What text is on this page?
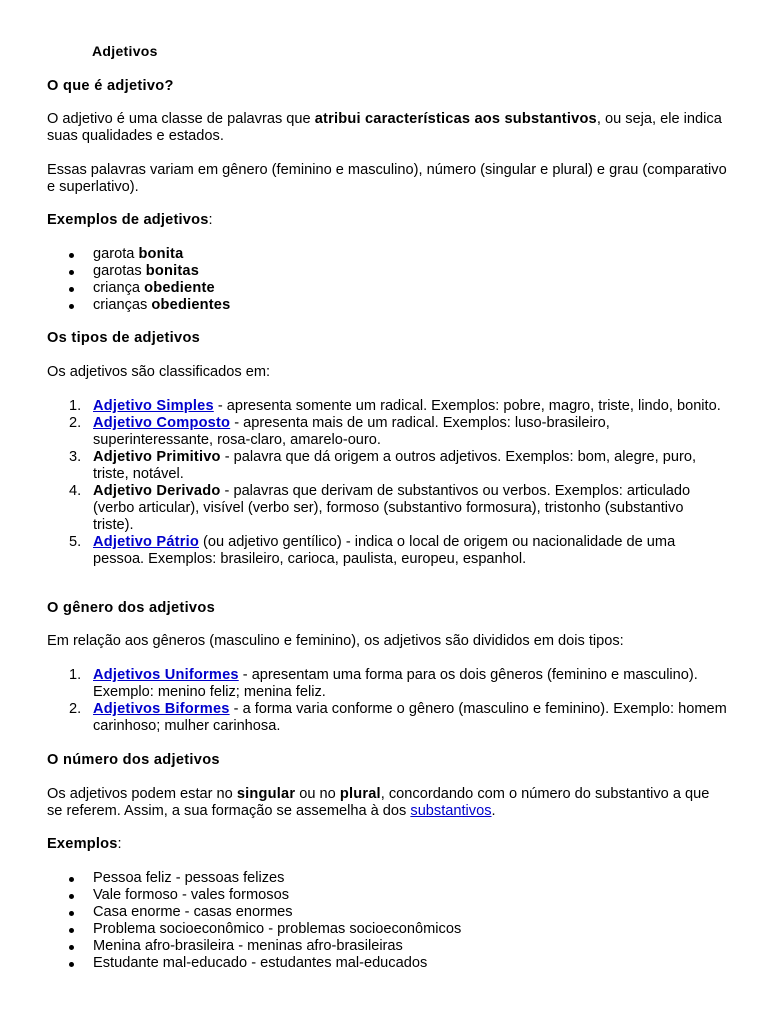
Adjetivos
O que é adjetivo?
O adjetivo é uma classe de palavras que atribui características aos substantivos, ou seja, ele indica suas qualidades e estados.
Essas palavras variam em gênero (feminino e masculino), número (singular e plural) e grau (comparativo e superlativo).
Exemplos de adjetivos:
garota bonita
garotas bonitas
criança obediente
crianças obedientes
Os tipos de adjetivos
Os adjetivos são classificados em:
1. Adjetivo Simples - apresenta somente um radical. Exemplos: pobre, magro, triste, lindo, bonito.
2. Adjetivo Composto - apresenta mais de um radical. Exemplos: luso-brasileiro, superinteressante, rosa-claro, amarelo-ouro.
3. Adjetivo Primitivo - palavra que dá origem a outros adjetivos. Exemplos: bom, alegre, puro, triste, notável.
4. Adjetivo Derivado - palavras que derivam de substantivos ou verbos. Exemplos: articulado (verbo articular), visível (verbo ser), formoso (substantivo formosura), tristonho (substantivo triste).
5. Adjetivo Pátrio (ou adjetivo gentílico) - indica o local de origem ou nacionalidade de uma pessoa. Exemplos: brasileiro, carioca, paulista, europeu, espanhol.
O gênero dos adjetivos
Em relação aos gêneros (masculino e feminino), os adjetivos são divididos em dois tipos:
1. Adjetivos Uniformes - apresentam uma forma para os dois gêneros (feminino e masculino). Exemplo: menino feliz; menina feliz.
2. Adjetivos Biformes - a forma varia conforme o gênero (masculino e feminino). Exemplo: homem carinhoso; mulher carinhosa.
O número dos adjetivos
Os adjetivos podem estar no singular ou no plural, concordando com o número do substantivo a que se referem. Assim, a sua formação se assemelha à dos substantivos.
Exemplos:
Pessoa feliz - pessoas felizes
Vale formoso - vales formosos
Casa enorme - casas enormes
Problema socioeconômico - problemas socioeconômicos
Menina afro-brasileira - meninas afro-brasileiras
Estudante mal-educado - estudantes mal-educados
